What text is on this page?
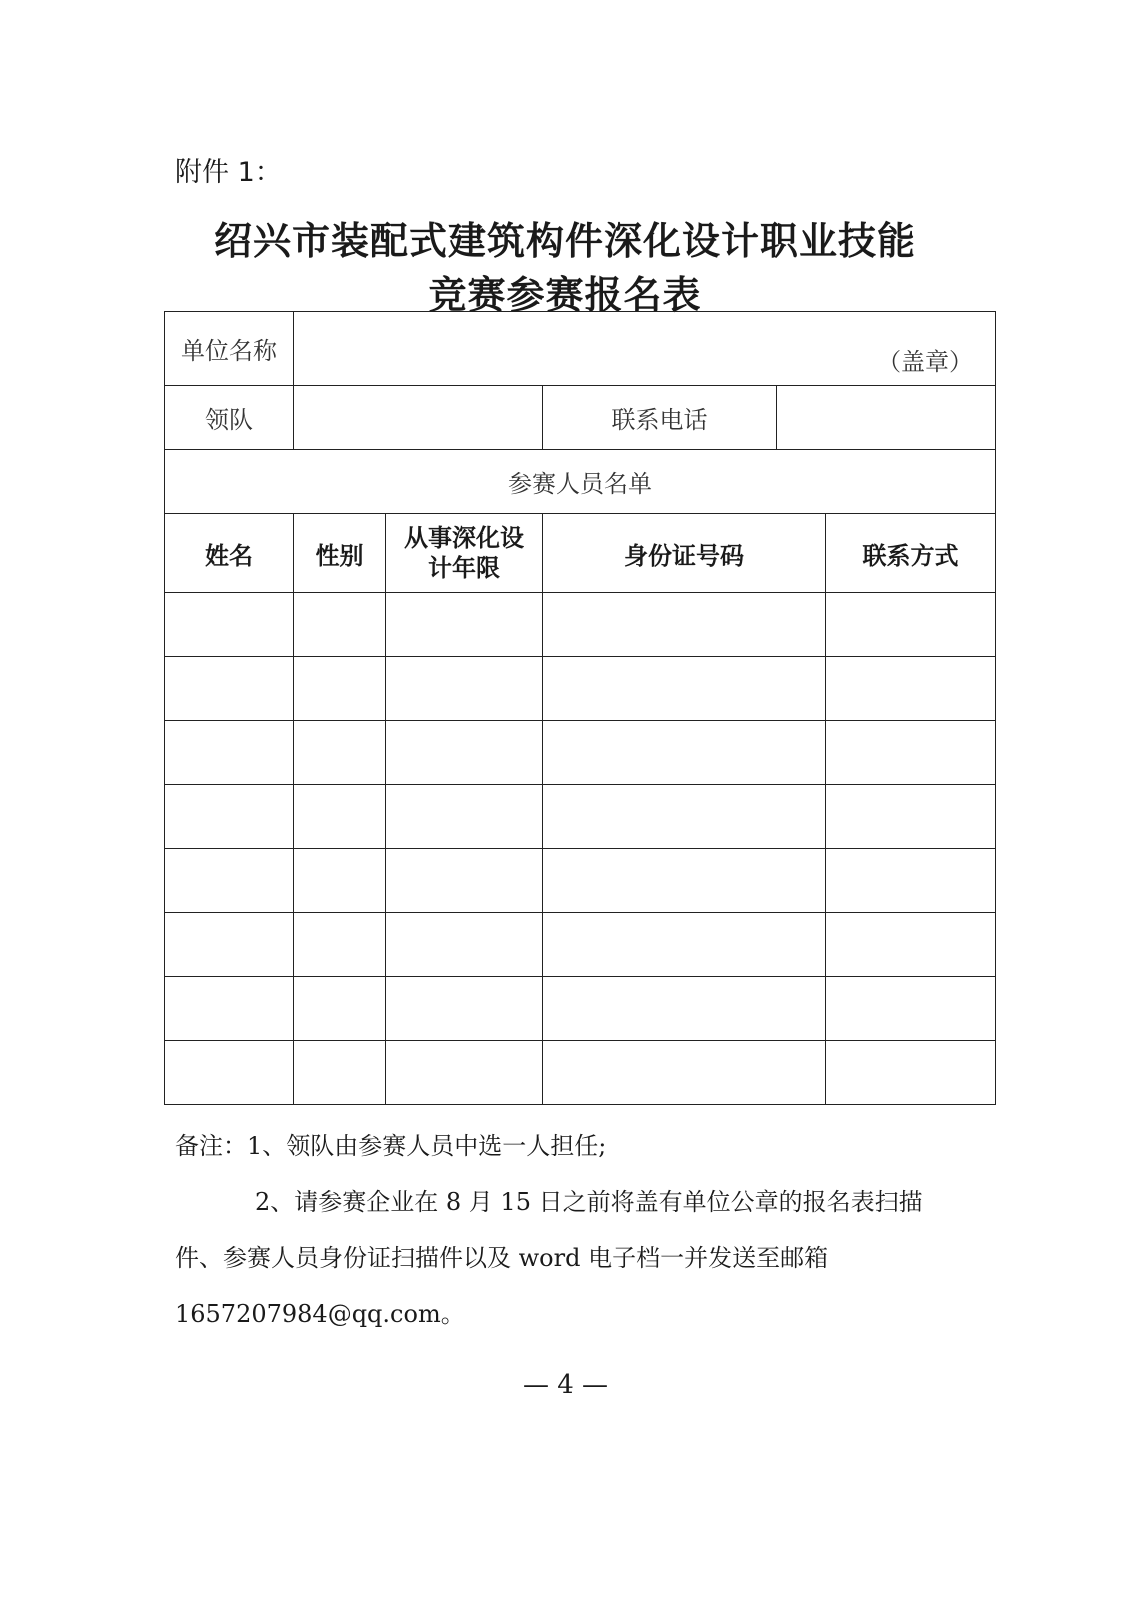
附件 1：
绍兴市装配式建筑构件深化设计职业技能
竞赛参赛报名表
单位名称	（盖章）				

领队			联系电话		
参赛人员名单					
姓名	性别	从事深化设计年限	身份证号码		联系方式

备注：1、领队由参赛人员中选一人担任;

2、请参赛企业在 8 月 15 日之前将盖有单位公章的报名表扫描

件、参赛人员身份证扫描件以及 word 电子档一并发送至邮箱

1657207984@qq.com。

— 4 —
